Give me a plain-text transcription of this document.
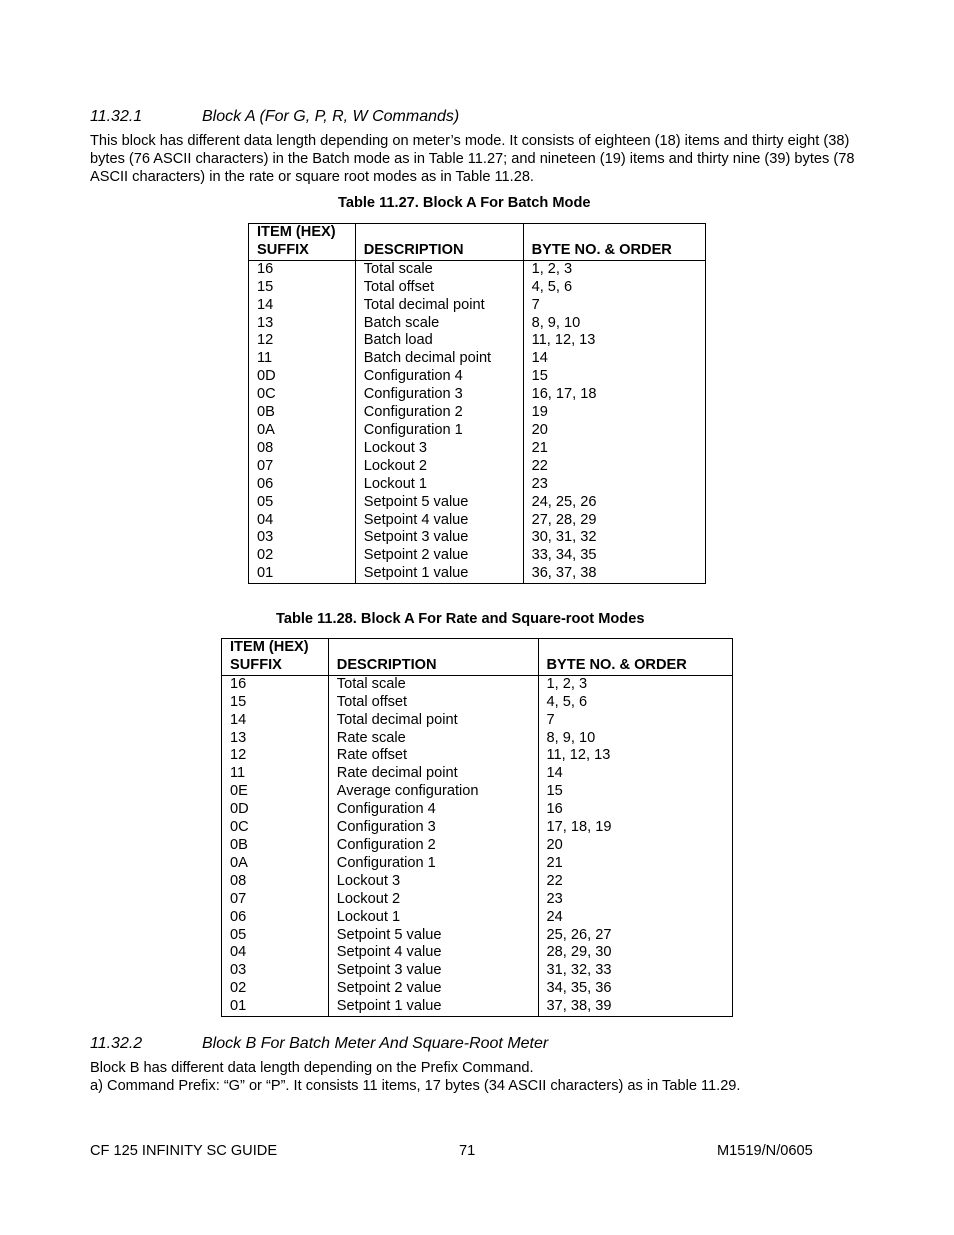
11.32.1	Block A (For G, P, R, W Commands)
This block has different data length depending on meter’s mode. It consists of eighteen (18) items and thirty eight (38) bytes (76 ASCII characters) in the Batch mode as in Table 11.27; and nineteen (19) items and thirty nine (39) bytes (78 ASCII characters) in the rate or square root modes as in Table 11.28.
Table 11.27. Block A For Batch Mode
ITEM (HEX)
SUFFIX	DESCRIPTION	BYTE NO. & ORDER
16	Total scale	1, 2, 3
15	Total offset	4, 5, 6
14	Total decimal point	7
13	Batch scale	8, 9, 10
12	Batch load	11, 12, 13
11	Batch decimal point	14
0D	Configuration 4	15
0C	Configuration 3	16, 17, 18
0B	Configuration 2	19
0A	Configuration 1	20
08	Lockout 3	21
07	Lockout 2	22
06	Lockout 1	23
05	Setpoint 5 value	24, 25, 26
04	Setpoint 4 value	27, 28, 29
03	Setpoint 3 value	30, 31, 32
02	Setpoint 2 value	33, 34, 35
01	Setpoint 1 value	36, 37, 38
Table 11.28. Block A For Rate and Square-root Modes
ITEM (HEX)
SUFFIX	DESCRIPTION	BYTE NO. & ORDER
16	Total scale	1, 2, 3
15	Total offset	4, 5, 6
14	Total decimal point	7
13	Rate scale	8, 9, 10
12	Rate offset	11, 12, 13
11	Rate decimal point	14
0E	Average configuration	15
0D	Configuration 4	16
0C	Configuration 3	17, 18, 19
0B	Configuration 2	20
0A	Configuration 1	21
08	Lockout 3	22
07	Lockout 2	23
06	Lockout 1	24
05	Setpoint 5 value	25, 26, 27
04	Setpoint 4 value	28, 29, 30
03	Setpoint 3 value	31, 32, 33
02	Setpoint 2 value	34, 35, 36
01	Setpoint 1 value	37, 38, 39
11.32.2	Block B For Batch Meter And Square-Root Meter
Block B has different data length depending on the Prefix Command.
a) Command Prefix: “G” or “P”. It consists 11 items, 17 bytes (34 ASCII characters) as in Table 11.29.
CF 125 INFINITY SC GUIDE	71	M1519/N/0605
